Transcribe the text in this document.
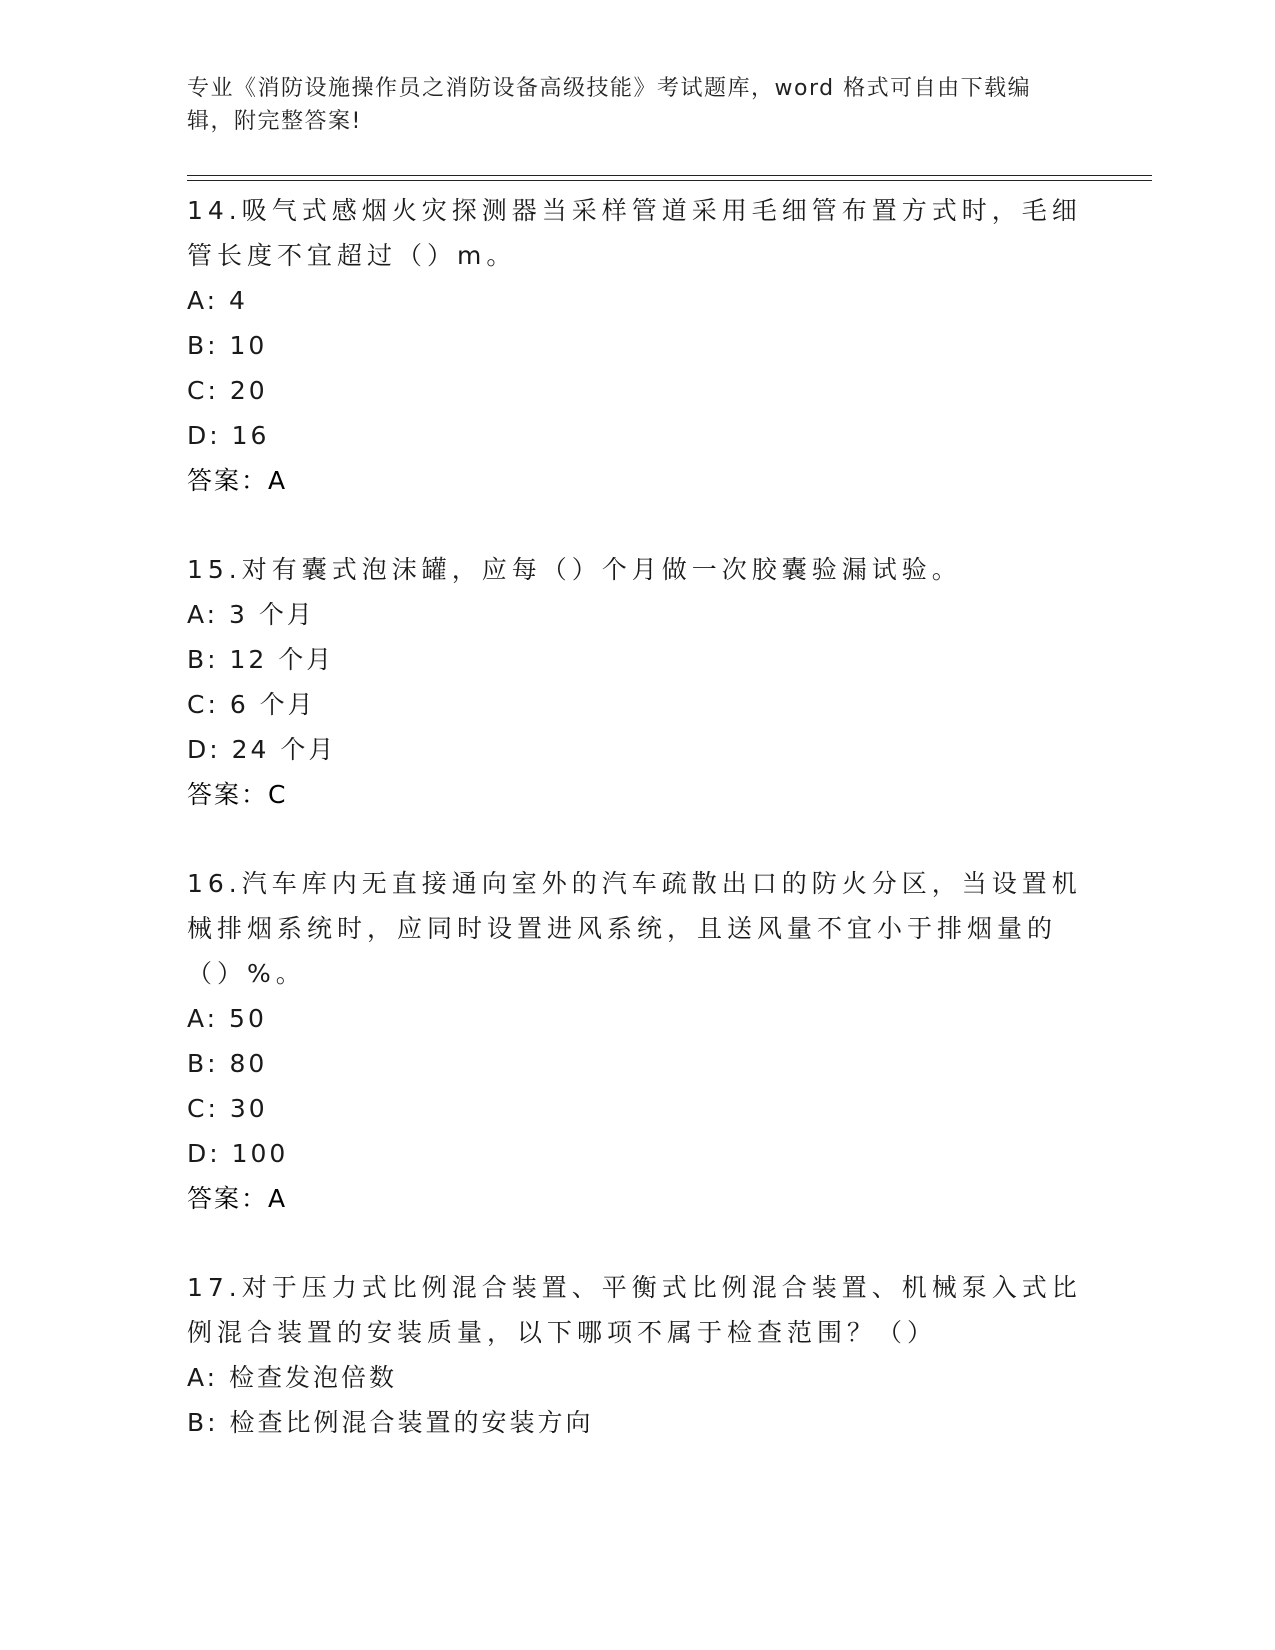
专业《消防设施操作员之消防设备高级技能》考试题库，word 格式可自由下载编辑，附完整答案!
14.吸气式感烟火灾探测器当采样管道采用毛细管布置方式时，毛细管长度不宜超过（）m。
A: 4
B: 10
C: 20
D: 16
答案：A
15.对有囊式泡沫罐，应每（）个月做一次胶囊验漏试验。
A: 3 个月
B: 12 个月
C: 6 个月
D: 24 个月
答案：C
16.汽车库内无直接通向室外的汽车疏散出口的防火分区，当设置机械排烟系统时，应同时设置进风系统，且送风量不宜小于排烟量的（）%。
A: 50
B: 80
C: 30
D: 100
答案：A
17.对于压力式比例混合装置、平衡式比例混合装置、机械泵入式比例混合装置的安装质量，以下哪项不属于检查范围？（）
A: 检查发泡倍数
B: 检查比例混合装置的安装方向
